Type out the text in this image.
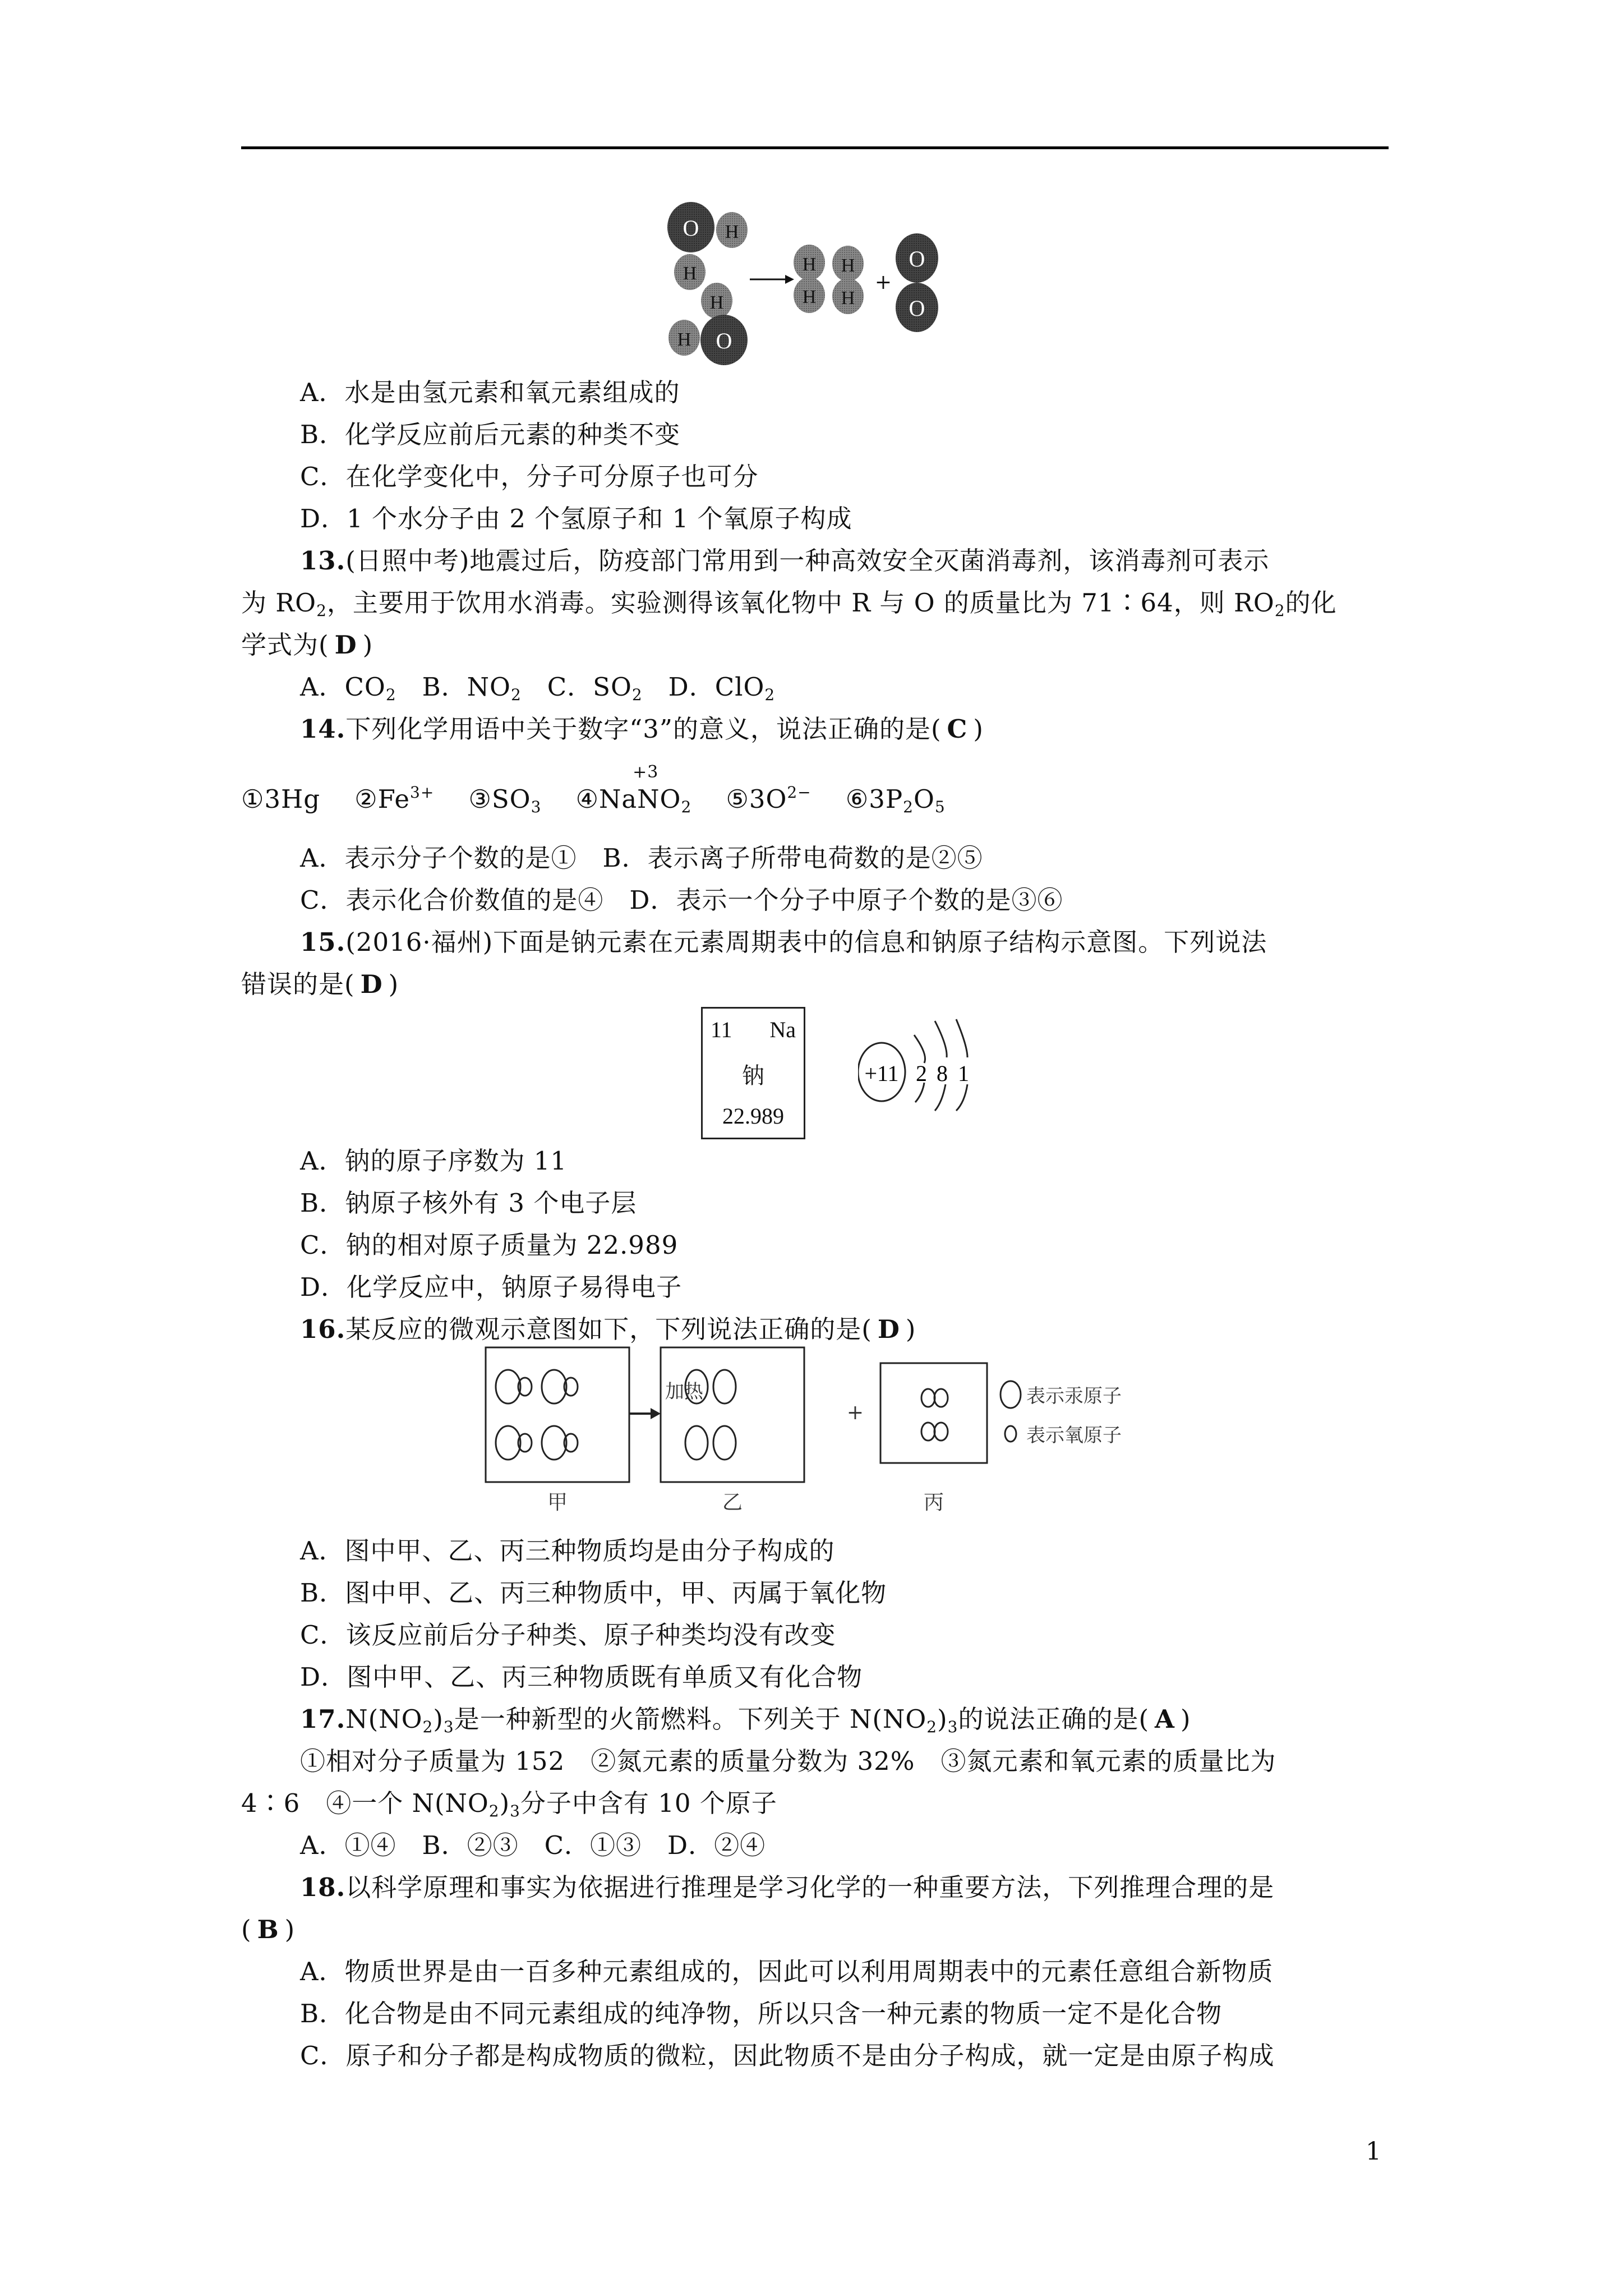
O H
H
H
H O
H
H
H
H
+
O
O
A．水是由氢元素和氧元素组成的
B．化学反应前后元素的种类不变
C．在化学变化中，分子可分原子也可分
D．1 个水分子由 2 个氢原子和 1 个氧原子构成
13.(日照中考)地震过后，防疫部门常用到一种高效安全灭菌消毒剂，该消毒剂可表示
为 $RO_2$，主要用于饮用水消毒。实验测得该氧化物中 R 与 O 的质量比为 71∶64，则 $RO_2$的化
学式为( D )
A．$CO_2$ B．$NO_2$ C．$SO_2$ D．ClO$_2$
14.下列化学用语中关于数字“3”的意义，说法正确的是( C )
①3Hg $②Fe^{3+}$ $③SO_3$ ④Na
+3
$NO_2$ $⑤3O^{2-}$ $⑥3P_2O_5$
A．表示分子个数的是①　B．表示离子所带电荷数的是②⑤
C．表示化合价数值的是④　D．表示一个分子中原子个数的是③⑥
15.(2016·福州)下面是钠元素在元素周期表中的信息和钠原子结构示意图。下列说法
错误的是( D )
11 Na
钠
22.989
+11 2 8 1
A．钠的原子序数为 11
B．钠原子核外有 3 个电子层
C．钠的相对原子质量为 22.989
D．化学反应中，钠原子易得电子
16.某反应的微观示意图如下，下列说法正确的是( D )
加热
+
表示汞原子
表示氧原子
甲	乙	丙
A．图中甲、乙、丙三种物质均是由分子构成的
B．图中甲、乙、丙三种物质中，甲、丙属于氧化物
C．该反应前后分子种类、原子种类均没有改变
D．图中甲、乙、丙三种物质既有单质又有化合物
$17.N(NO_2)_3$是一种新型的火箭燃料。下列关于 $N(NO_2)_3$的说法正确的是( A )
①相对分子质量为 152　②氮元素的质量分数为 32%　③氮元素和氧元素的质量比为
4∶6　④一个 $N(NO_2)_3$分子中含有 10 个原子
A．①④　B．②③　C．①③　D．②④
18.以科学原理和事实为依据进行推理是学习化学的一种重要方法，下列推理合理的是
( B )
A．物质世界是由一百多种元素组成的，因此可以利用周期表中的元素任意组合新物质
B．化合物是由不同元素组成的纯净物，所以只含一种元素的物质一定不是化合物
C．原子和分子都是构成物质的微粒，因此物质不是由分子构成，就一定是由原子构成
1
